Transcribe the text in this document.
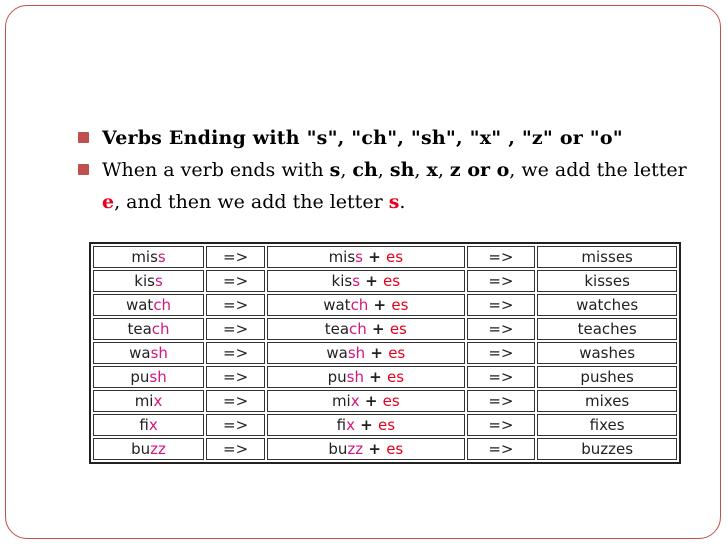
Verbs Ending with "s", "ch", "sh", "x" , "z" or "o"
When a verb ends with s, ch, sh, x, z or o, we add the letter e, and then we add the letter s.
miss	=>	miss + es	=>	misses
kiss	=>	kiss + es	=>	kisses
watch	=>	watch + es	=>	watches
teach	=>	teach + es	=>	teaches
wash	=>	wash + es	=>	washes
push	=>	push + es	=>	pushes
mix	=>	mix + es	=>	mixes
fix	=>	fix + es	=>	fixes
buzz	=>	buzz + es	=>	buzzes
